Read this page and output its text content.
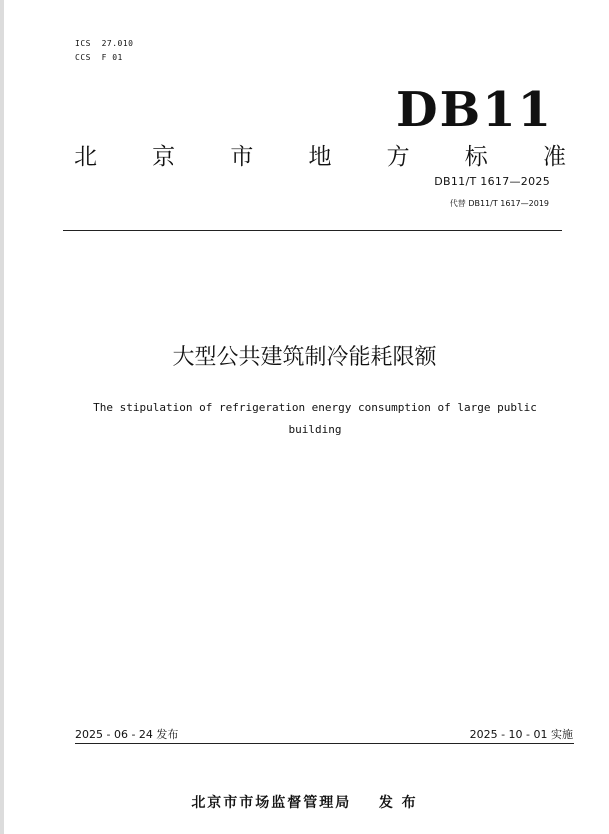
ICS  27.010
CCS  F 01
DB11
北 京 市 地 方 标 准
DB11/T 1617—2025
代替 DB11/T 1617—2019
大型公共建筑制冷能耗限额
The stipulation of refrigeration energy consumption of large public building
2025 - 06 - 24 发布	2025 - 10 - 01 实施
北京市市场监督管理局 发 布
